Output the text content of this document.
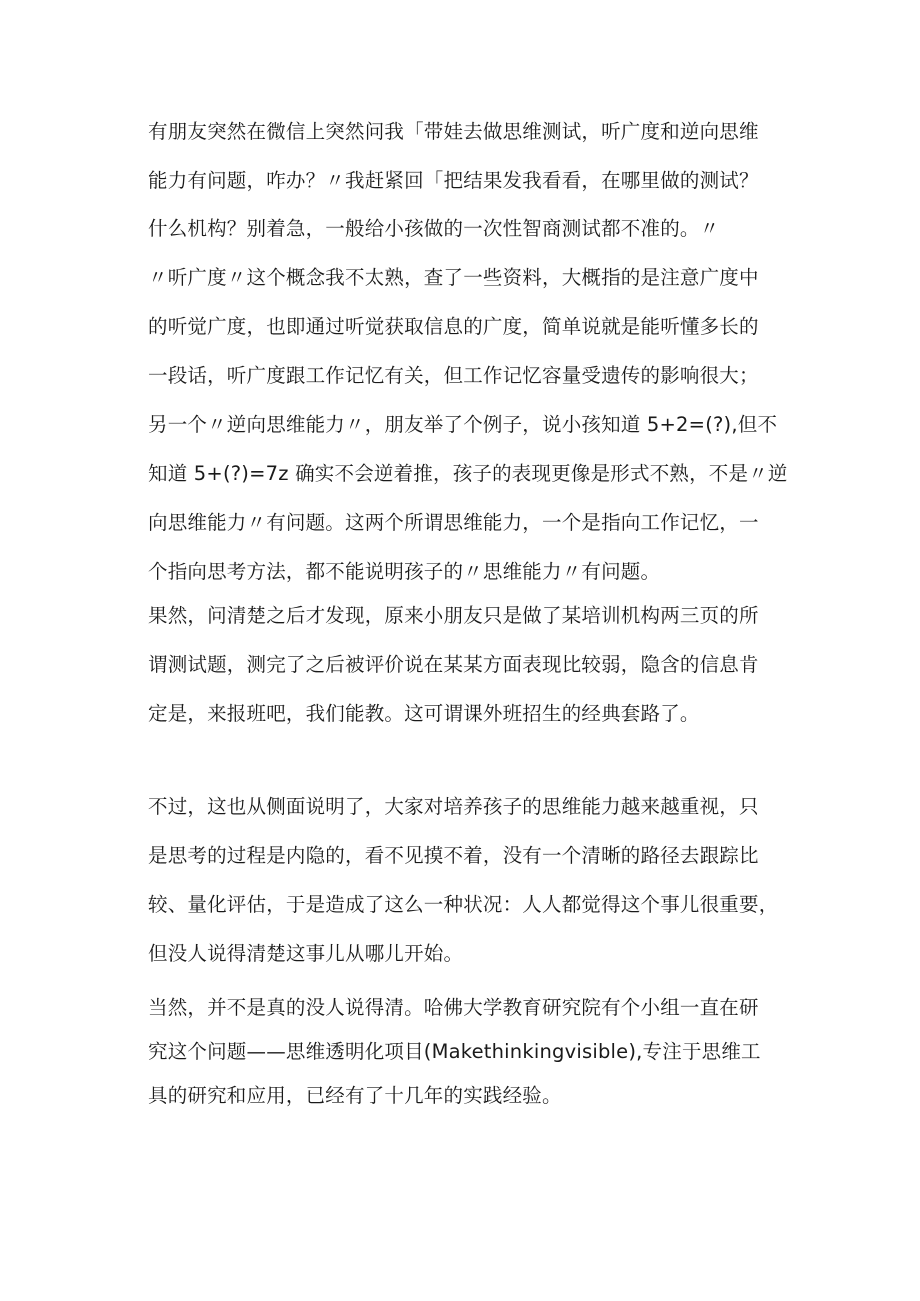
有朋友突然在微信上突然问我「带娃去做思维测试，听广度和逆向思维
能力有问题，咋办？〃我赶紧回「把结果发我看看，在哪里做的测试？
什么机构？别着急，一般给小孩做的一次性智商测试都不准的。〃
〃听广度〃这个概念我不太熟，查了一些资料，大概指的是注意广度中
的听觉广度，也即通过听觉获取信息的广度，简单说就是能听懂多长的
一段话，听广度跟工作记忆有关，但工作记忆容量受遗传的影响很大；
另一个〃逆向思维能力〃，朋友举了个例子，说小孩知道 5+2=(?),但不
知道 5+(?)=7z 确实不会逆着推，孩子的表现更像是形式不熟，不是〃逆
向思维能力〃有问题。这两个所谓思维能力，一个是指向工作记忆，一
个指向思考方法，都不能说明孩子的〃思维能力〃有问题。
果然，问清楚之后才发现，原来小朋友只是做了某培训机构两三页的所
谓测试题，测完了之后被评价说在某某方面表现比较弱，隐含的信息肯
定是，来报班吧，我们能教。这可谓课外班招生的经典套路了。
不过，这也从侧面说明了，大家对培养孩子的思维能力越来越重视，只
是思考的过程是内隐的，看不见摸不着，没有一个清晰的路径去跟踪比
较、量化评估，于是造成了这么一种状况：人人都觉得这个事儿很重要，
但没人说得清楚这事儿从哪儿开始。
当然，并不是真的没人说得清。哈佛大学教育研究院有个小组一直在研
究这个问题——思维透明化项目(Makethinkingvisible),专注于思维工
具的研究和应用，已经有了十几年的实践经验。
